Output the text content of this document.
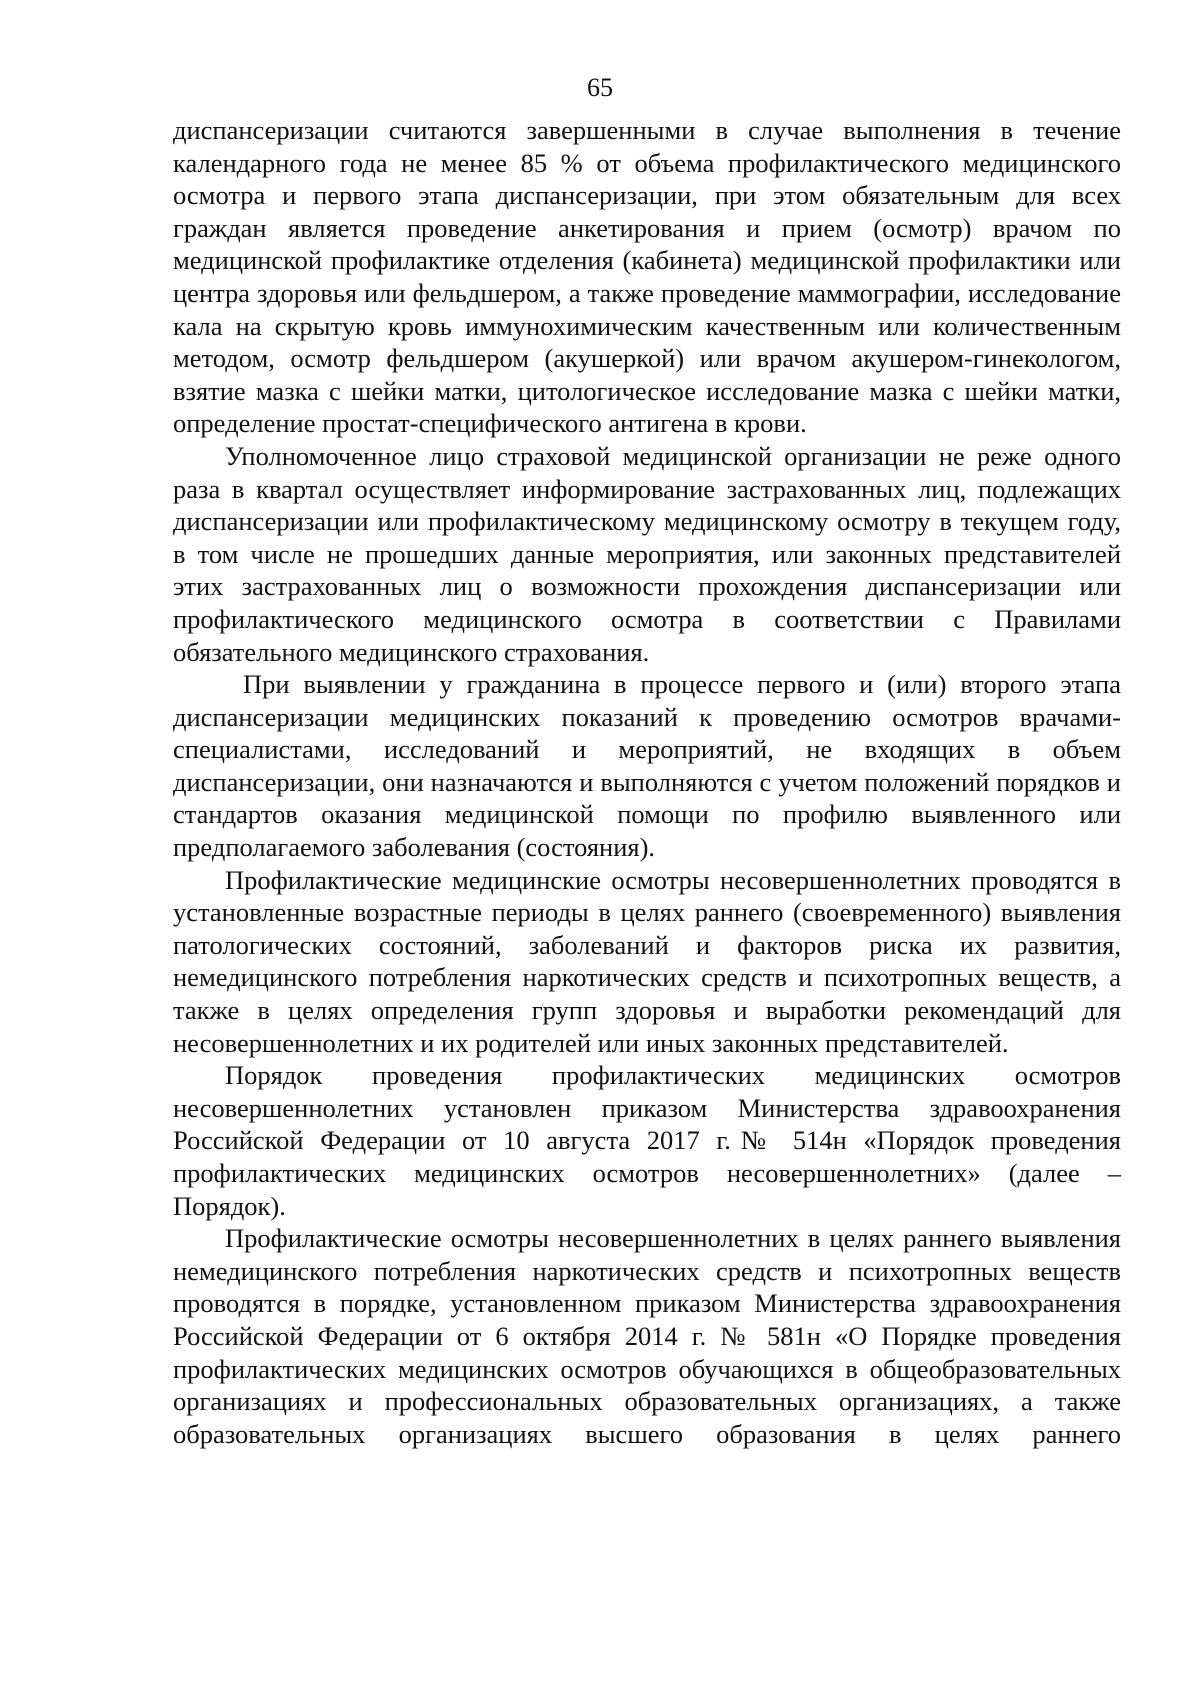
65

диспансеризации считаются завершенными в случае выполнения в течение календарного года не менее 85 % от объема профилактического медицинского осмотра и первого этапа диспансеризации, при этом обязательным для всех граждан является проведение анкетирования и прием (осмотр) врачом по медицинской профилактике отделения (кабинета) медицинской профилактики или центра здоровья или фельдшером, а также проведение маммографии, исследование кала на скрытую кровь иммунохимическим качественным или количественным методом, осмотр фельдшером (акушеркой) или врачом акушером-гинекологом, взятие мазка с шейки матки, цитологическое исследование мазка с шейки матки, определение простат-специфического антигена в крови.

Уполномоченное лицо страховой медицинской организации не реже одного раза в квартал осуществляет информирование застрахованных лиц, подлежащих диспансеризации или профилактическому медицинскому осмотру в текущем году, в том числе не прошедших данные мероприятия, или законных представителей этих застрахованных лиц о возможности прохождения диспансеризации или профилактического медицинского осмотра в соответствии с Правилами обязательного медицинского страхования.

При выявлении у гражданина в процессе первого и (или) второго этапа диспансеризации медицинских показаний к проведению осмотров врачами-специалистами, исследований и мероприятий, не входящих в объем диспансеризации, они назначаются и выполняются с учетом положений порядков и стандартов оказания медицинской помощи по профилю выявленного или предполагаемого заболевания (состояния).

Профилактические медицинские осмотры несовершеннолетних проводятся в установленные возрастные периоды в целях раннего (своевременного) выявления патологических состояний, заболеваний и факторов риска их развития, немедицинского потребления наркотических средств и психотропных веществ, а также в целях определения групп здоровья и выработки рекомендаций для несовершеннолетних и их родителей или иных законных представителей.

Порядок проведения профилактических медицинских осмотров несовершеннолетних установлен приказом Министерства здравоохранения Российской Федерации от 10 августа 2017 г.№ 514н «Порядок проведения профилактических медицинских осмотров несовершеннолетних» (далее – Порядок).

Профилактические осмотры несовершеннолетних в целях раннего выявления немедицинского потребления наркотических средств и психотропных веществ проводятся в порядке, установленном приказом Министерства здравоохранения Российской Федерации от 6 октября 2014 г. № 581н «О Порядке проведения профилактических медицинских осмотров обучающихся в общеобразовательных организациях и профессиональных образовательных организациях, а также образовательных организациях высшего образования в целях раннего
